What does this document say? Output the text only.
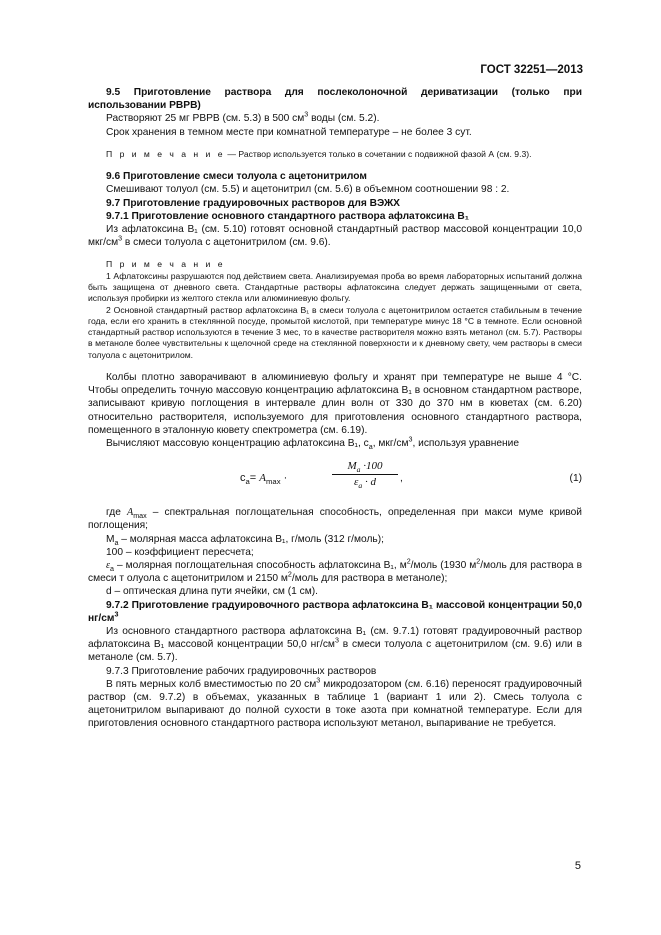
ГОСТ 32251—2013

9.5 Приготовление раствора для послеколоночной дериватизации (только при использовании РВРВ)

Растворяют 25 мг РВРВ (см. 5.3) в 500 $см^3$ воды (см. 5.2).

Срок хранения в темном месте при комнатной температуре – не более 3 сут.

П р и м е ч а н и е — Раствор используется только в сочетании с подвижной фазой А (см. 9.3).

9.6 Приготовление смеси толуола с ацетонитрилом

Смешивают толуол (см. 5.5) и ацетонитрил (см. 5.6) в объемном соотношении 98 : 2.

9.7 Приготовление градуировочных растворов для ВЭЖХ

9.7.1 Приготовление основного стандартного раствора афлатоксина В₁

Из афлатоксина В₁ (см. 5.10) готовят основной стандартный раствор массовой концентрации 10,0 мкг/$см^3$ в смеси толуола с ацетонитрилом (см. 9.6).

П р и м е ч а н и е

1 Афлатоксины разрушаются под действием света. Анализируемая проба во время лабораторных испытаний должна быть защищена от дневного света. Стандартные растворы афлатоксина следует держать защищенными от света, используя пробирки из желтого стекла или алюминиевую фольгу.

2 Основной стандартный раствор афлатоксина В₁ в смеси толуола с ацетонитрилом остается стабильным в течение года, если его хранить в стеклянной посуде, промытой кислотой, при температуре минус 18 °С в темноте. Если основной стандартный раствор используются в течение 3 мес, то в качестве растворителя можно взять метанол (см. 5.7). Растворы в метаноле более чувствительны к щелочной среде на стеклянной поверхности и к дневному свету, чем растворы в смеси толуола с ацетонитрилом.

Колбы плотно заворачивают в алюминиевую фольгу и хранят при температуре не выше 4 °С. Чтобы определить точную массовую концентрацию афлатоксина В₁ в основном стандартном растворе, записывают кривую поглощения в интервале длин волн от 330 до 370 нм в кюветах (см. 6.20) относительно растворителя, используемого для приготовления основного стандартного раствора, помещенного в эталонную кювету спектрометра (см. 6.19).

Вычисляют массовую концентрацию афлатоксина В₁, $c_а$, мкг/$см^3$, используя уравнение

$c_a= A_{max}$ ·	$\frac{M_a \cdot 100}{\varepsilon_a \cdot d}$ ,	(1)

где $A_{max}$ – спектральная поглощательная способность, определенная при макси муме кривой поглощения;

$М_а$ – молярная масса афлатоксина В₁, г/моль (312 г/моль);

100 – коэффициент пересчета;

$\varepsilon_a$ – молярная поглощательная способность афлатоксина В₁, $м^2$/моль (1930 $м^2$/моль для раствора в смеси т олуола с ацетонитрилом и 2150 $м^2$/моль для раствора в метаноле);

d – оптическая длина пути ячейки, см (1 см).

9.7.2 Приготовление градуировочного раствора афлатоксина В₁ массовой концентрации 50,0 $нг/см^3$

Из основного стандартного раствора афлатоксина В₁ (см. 9.7.1) готовят градуировочный раствор афлатоксина В₁ массовой концентрации 50,0 $нг/см^3$ в смеси толуола с ацетонитрилом (см. 9.6) или в метаноле (см. 5.7).

9.7.3 Приготовление рабочих градуировочных растворов

В пять мерных колб вместимостью по 20 $см^3$ микродозатором (см. 6.16) переносят градуировочный раствор (см. 9.7.2) в объемах, указанных в таблице 1 (вариант 1 или 2). Смесь толуола с ацетонитрилом выпаривают до полной сухости в токе азота при комнатной температуре. Если для приготовления основного стандартного раствора используют метанол, выпаривание не требуется.

5
